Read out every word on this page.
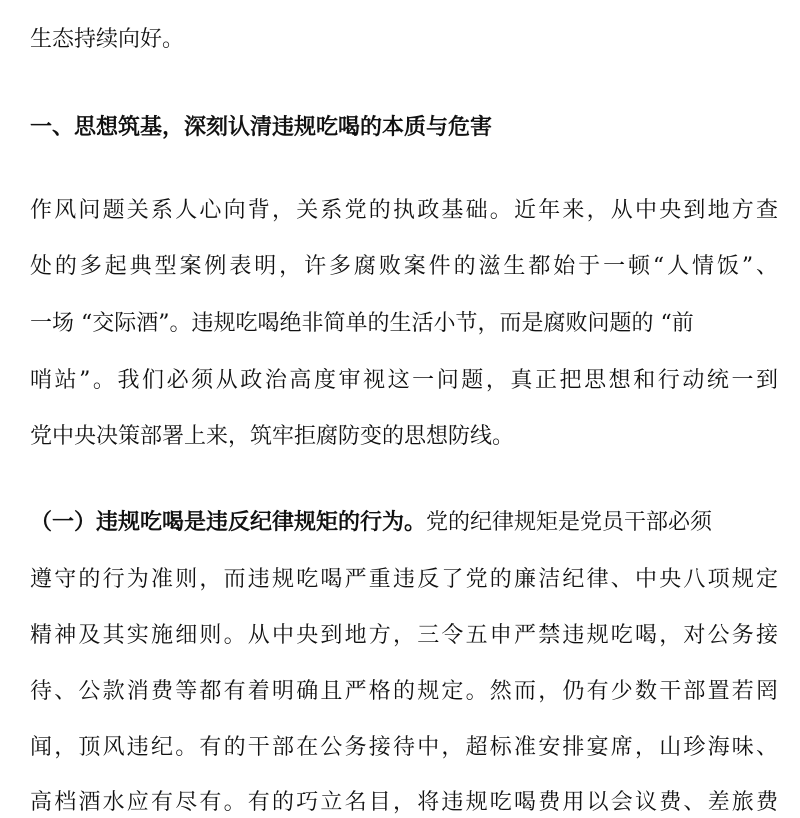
生态持续向好。
一、思想筑基，深刻认清违规吃喝的本质与危害
作风问题关系人心向背，关系党的执政基础。近年来，从中央到地方查
处的多起典型案例表明，许多腐败案件的滋生都始于一顿“人情饭”、
一场 “交际酒”。违规吃喝绝非简单的生活小节，而是腐败问题的 “前
哨站”。我们必须从政治高度审视这一问题，真正把思想和行动统一到
党中央决策部署上来，筑牢拒腐防变的思想防线。
（一）违规吃喝是违反纪律规矩的行为。党的纪律规矩是党员干部必须
遵守的行为准则，而违规吃喝严重违反了党的廉洁纪律、中央八项规定
精神及其实施细则。从中央到地方，三令五申严禁违规吃喝，对公务接
待、公款消费等都有着明确且严格的规定。然而，仍有少数干部置若罔
闻，顶风违纪。有的干部在公务接待中，超标准安排宴席，山珍海味、
高档酒水应有尽有。有的巧立名目，将违规吃喝费用以会议费、差旅费
